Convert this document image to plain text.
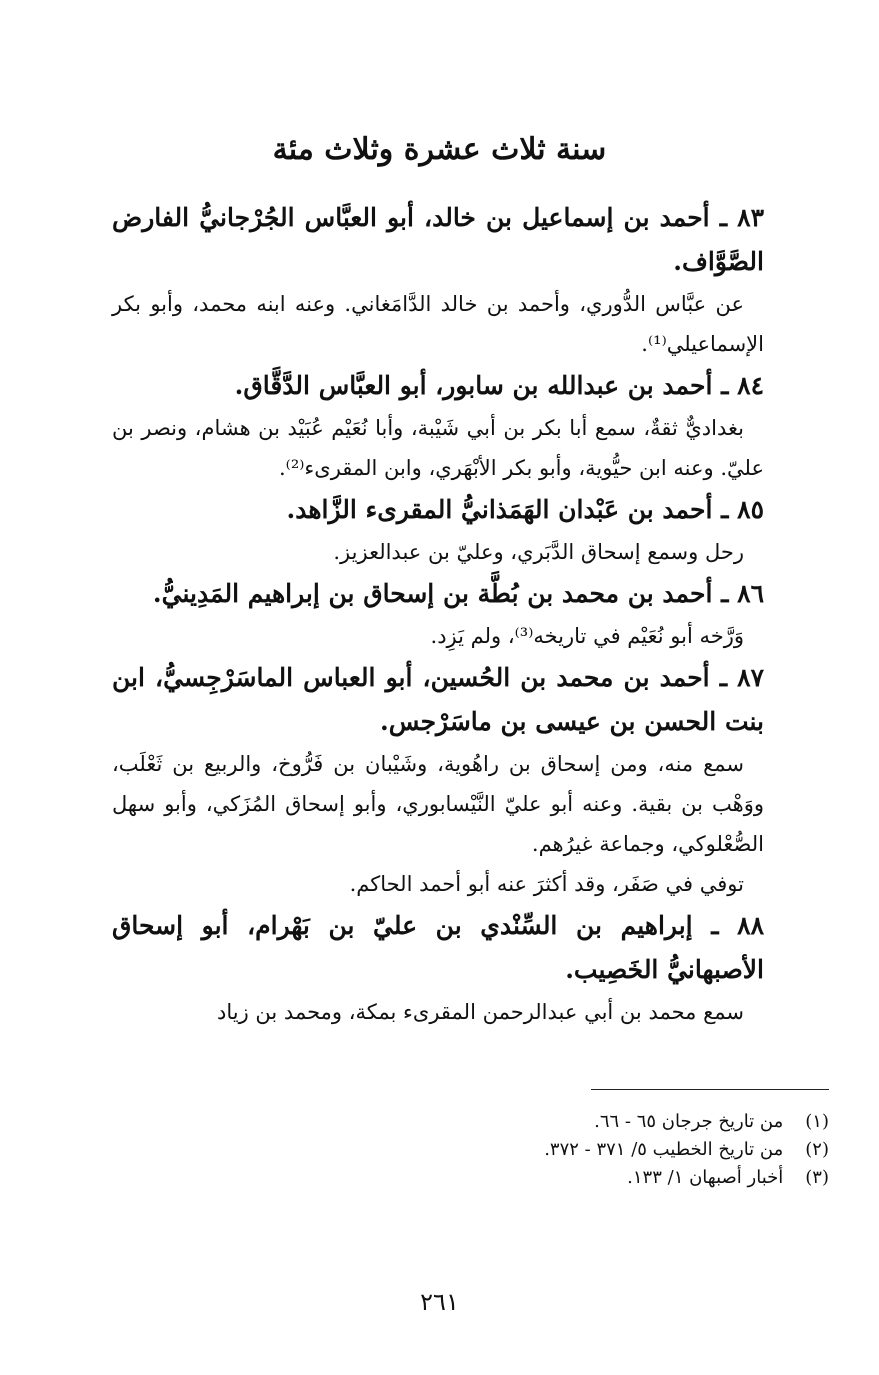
سنة ثلاث عشرة وثلاث مئة

٨٣ ـ أحمد بن إسماعيل بن خالد، أبو العبَّاس الجُرْجانيُّ الفارض الصَّوَّاف.

عن عبَّاس الدُّوري، وأحمد بن خالد الدَّامَغاني. وعنه ابنه محمد، وأبو بكر الإسماعيلي⁽¹⁾.

٨٤ ـ أحمد بن عبدالله بن سابور، أبو العبَّاس الدَّقَّاق.

بغداديٌّ ثقةٌ، سمع أبا بكر بن أبي شَيْبة، وأبا نُعَيْم عُبَيْد بن هشام، ونصر بن عليّ. وعنه ابن حيُّوية، وأبو بكر الأبْهَري، وابن المقرىء⁽²⁾.

٨٥ ـ أحمد بن عَبْدان الهَمَذانيُّ المقرىء الزَّاهد.

رحل وسمع إسحاق الدَّبَري، وعليّ بن عبدالعزيز.

٨٦ ـ أحمد بن محمد بن بُطَّة بن إسحاق بن إبراهيم المَدِينيُّ.

وَرَّخه أبو نُعَيْم في تاريخه⁽³⁾، ولم يَزِد.

٨٧ ـ أحمد بن محمد بن الحُسين، أبو العباس الماسَرْجِسيُّ، ابن بنت الحسن بن عيسى بن ماسَرْجس.

سمع منه، ومن إسحاق بن راهُوية، وشَيْبان بن فَرُّوخ، والربيع بن ثَعْلَب، ووَهْب بن بقية. وعنه أبو عليّ النَّيْسابوري، وأبو إسحاق المُزَكي، وأبو سهل الصُّعْلوكي، وجماعة غيرُهم.

توفي في صَفَر، وقد أكثرَ عنه أبو أحمد الحاكم.

٨٨ ـ إبراهيم بن السِّنْدي بن عليّ بن بَهْرام، أبو إسحاق الأصبهانيُّ الخَصِيب.

سمع محمد بن أبي عبدالرحمن المقرىء بمكة، ومحمد بن زياد

(١) من تاريخ جرجان ٦٥ - ٦٦.

(٢) من تاريخ الخطيب ٥/ ٣٧١ - ٣٧٢.

(٣) أخبار أصبهان ١/ ١٣٣.

٢٦١
